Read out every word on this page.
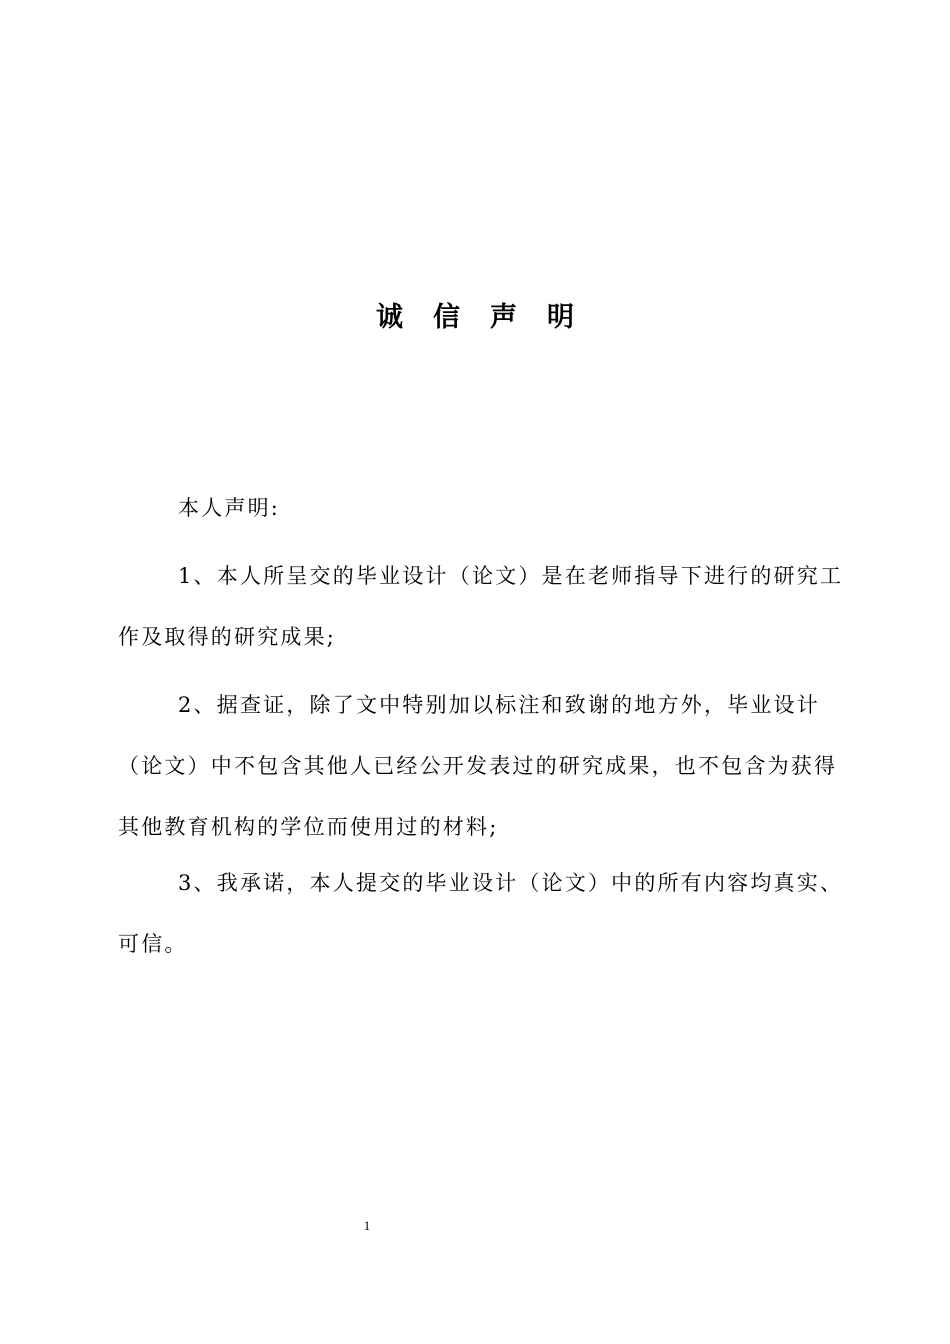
诚信声明

本人声明:

1、本人所呈交的毕业设计（论文）是在老师指导下进行的研究工作及取得的研究成果;

2、据查证，除了文中特别加以标注和致谢的地方外，毕业设计（论文）中不包含其他人已经公开发表过的研究成果，也不包含为获得其他教育机构的学位而使用过的材料;

3、我承诺，本人提交的毕业设计（论文）中的所有内容均真实、可信。

1
